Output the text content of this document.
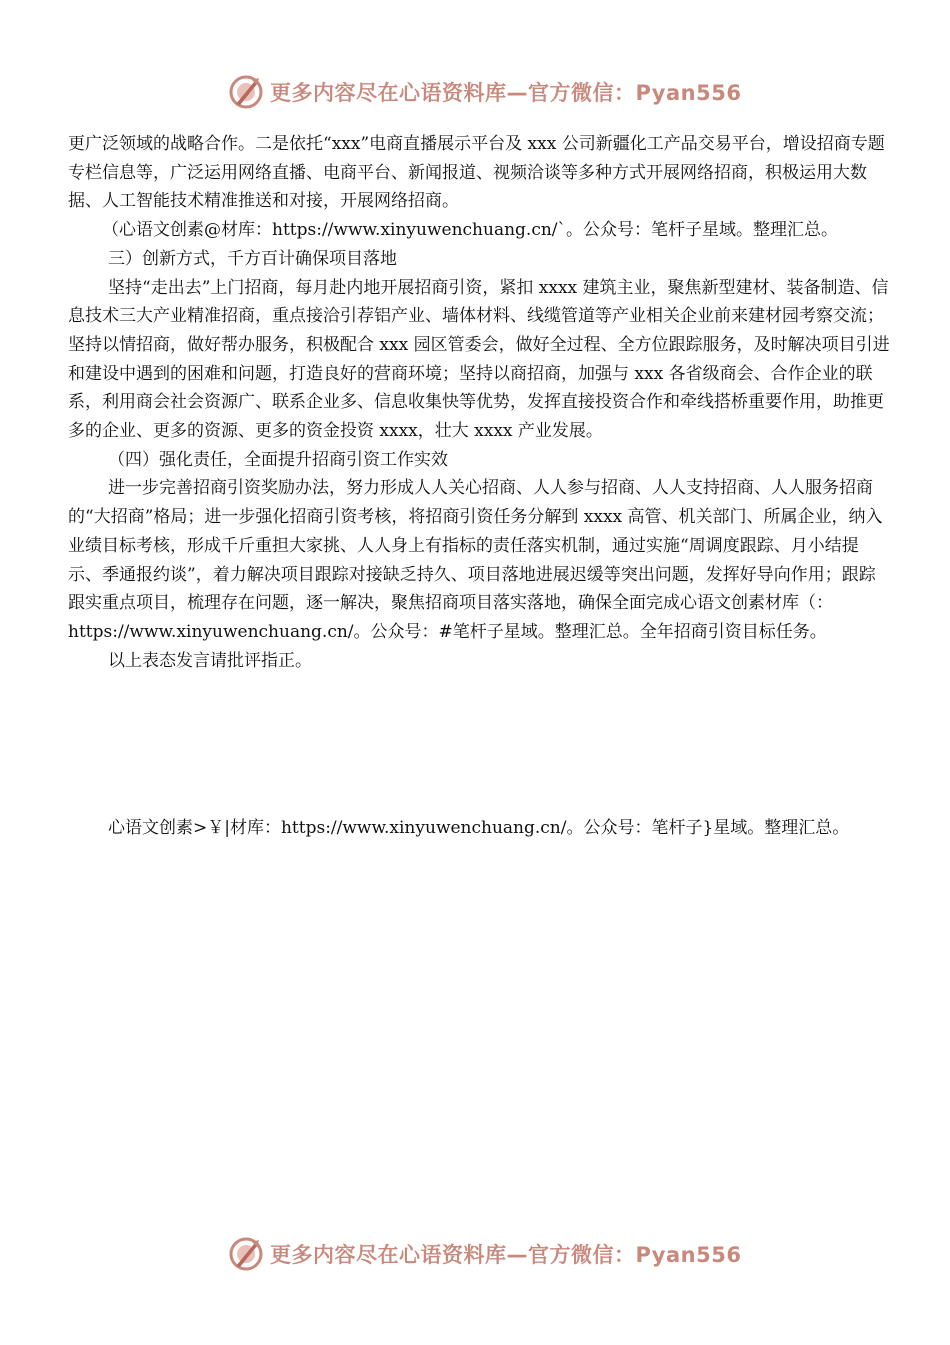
更多内容尽在心语资料库—官方微信：Pyan556

更广泛领域的战略合作。二是依托“xxx”电商直播展示平台及 xxx 公司新疆化工产品交易平台，增设招商专题专栏信息等，广泛运用网络直播、电商平台、新闻报道、视频洽谈等多种方式开展网络招商，积极运用大数据、人工智能技术精准推送和对接，开展网络招商。

（心语文创素@材库：https://www.xinyuwenchuang.cn/`。公众号：笔杆子星域。整理汇总。

三）创新方式，千方百计确保项目落地

坚持“走出去”上门招商，每月赴内地开展招商引资，紧扣 xxxx 建筑主业，聚焦新型建材、装备制造、信息技术三大产业精准招商，重点接洽引荐铝产业、墙体材料、线缆管道等产业相关企业前来建材园考察交流；坚持以情招商，做好帮办服务，积极配合 xxx 园区管委会，做好全过程、全方位跟踪服务，及时解决项目引进和建设中遇到的困难和问题，打造良好的营商环境；坚持以商招商，加强与 xxx 各省级商会、合作企业的联系，利用商会社会资源广、联系企业多、信息收集快等优势，发挥直接投资合作和牵线搭桥重要作用，助推更多的企业、更多的资源、更多的资金投资 xxxx，壮大 xxxx 产业发展。

（四）强化责任，全面提升招商引资工作实效

进一步完善招商引资奖励办法，努力形成人人关心招商、人人参与招商、人人支持招商、人人服务招商的“大招商”格局；进一步强化招商引资考核，将招商引资任务分解到 xxxx 高管、机关部门、所属企业，纳入业绩目标考核，形成千斤重担大家挑、人人身上有指标的责任落实机制，通过实施“周调度跟踪、月小结提示、季通报约谈”，着力解决项目跟踪对接缺乏持久、项目落地进展迟缓等突出问题，发挥好导向作用；跟踪跟实重点项目，梳理存在问题，逐一解决，聚焦招商项目落实落地，确保全面完成心语文创素材库（：https://www.xinyuwenchuang.cn/。公众号：#笔杆子星域。整理汇总。全年招商引资目标任务。

以上表态发言请批评指正。

心语文创素>￥|材库：https://www.xinyuwenchuang.cn/。公众号：笔杆子}星域。整理汇总。
更多内容尽在心语资料库—官方微信：Pyan556
